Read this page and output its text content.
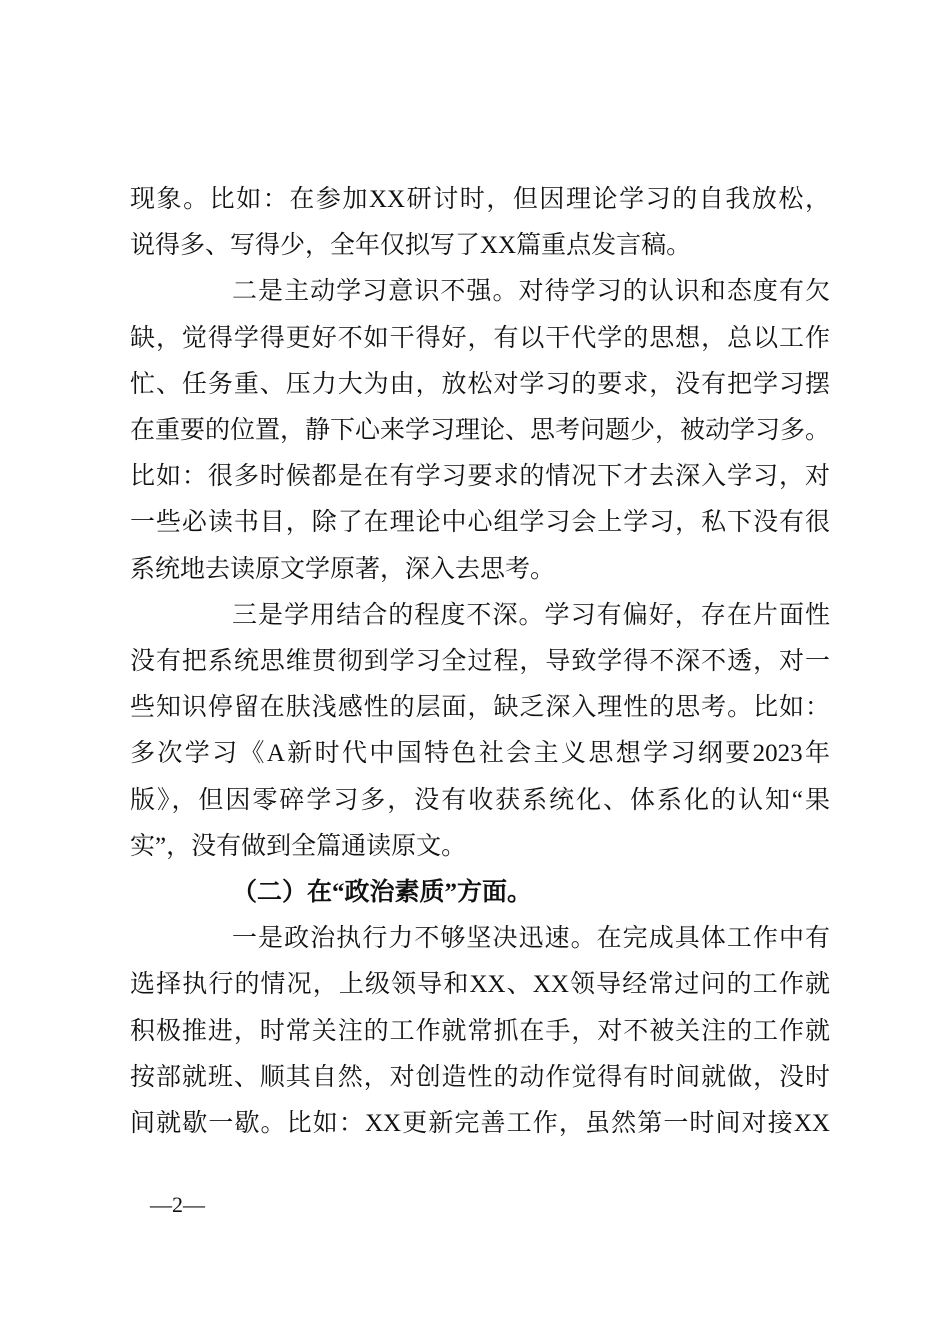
现象。比如：在参加XX研讨时，但因理论学习的自我放松，
说得多、写得少，全年仅拟写了XX篇重点发言稿。
二是主动学习意识不强。对待学习的认识和态度有欠
缺，觉得学得更好不如干得好，有以干代学的思想，总以工作
忙、任务重、压力大为由，放松对学习的要求，没有把学习摆
在重要的位置，静下心来学习理论、思考问题少，被动学习多。
比如：很多时候都是在有学习要求的情况下才去深入学习，对
一些必读书目，除了在理论中心组学习会上学习，私下没有很
系统地去读原文学原著，深入去思考。
三是学用结合的程度不深。学习有偏好，存在片面性
没有把系统思维贯彻到学习全过程，导致学得不深不透，对一
些知识停留在肤浅感性的层面，缺乏深入理性的思考。比如：
多次学习《A新时代中国特色社会主义思想学习纲要2023年
版》，但因零碎学习多，没有收获系统化、体系化的认知“果
实”，没有做到全篇通读原文。
（二）在“政治素质”方面。
一是政治执行力不够坚决迅速。在完成具体工作中有
选择执行的情况，上级领导和XX、XX领导经常过问的工作就
积极推进，时常关注的工作就常抓在手，对不被关注的工作就
按部就班、顺其自然，对创造性的动作觉得有时间就做，没时
间就歇一歇。比如：XX更新完善工作，虽然第一时间对接XX
—2—
